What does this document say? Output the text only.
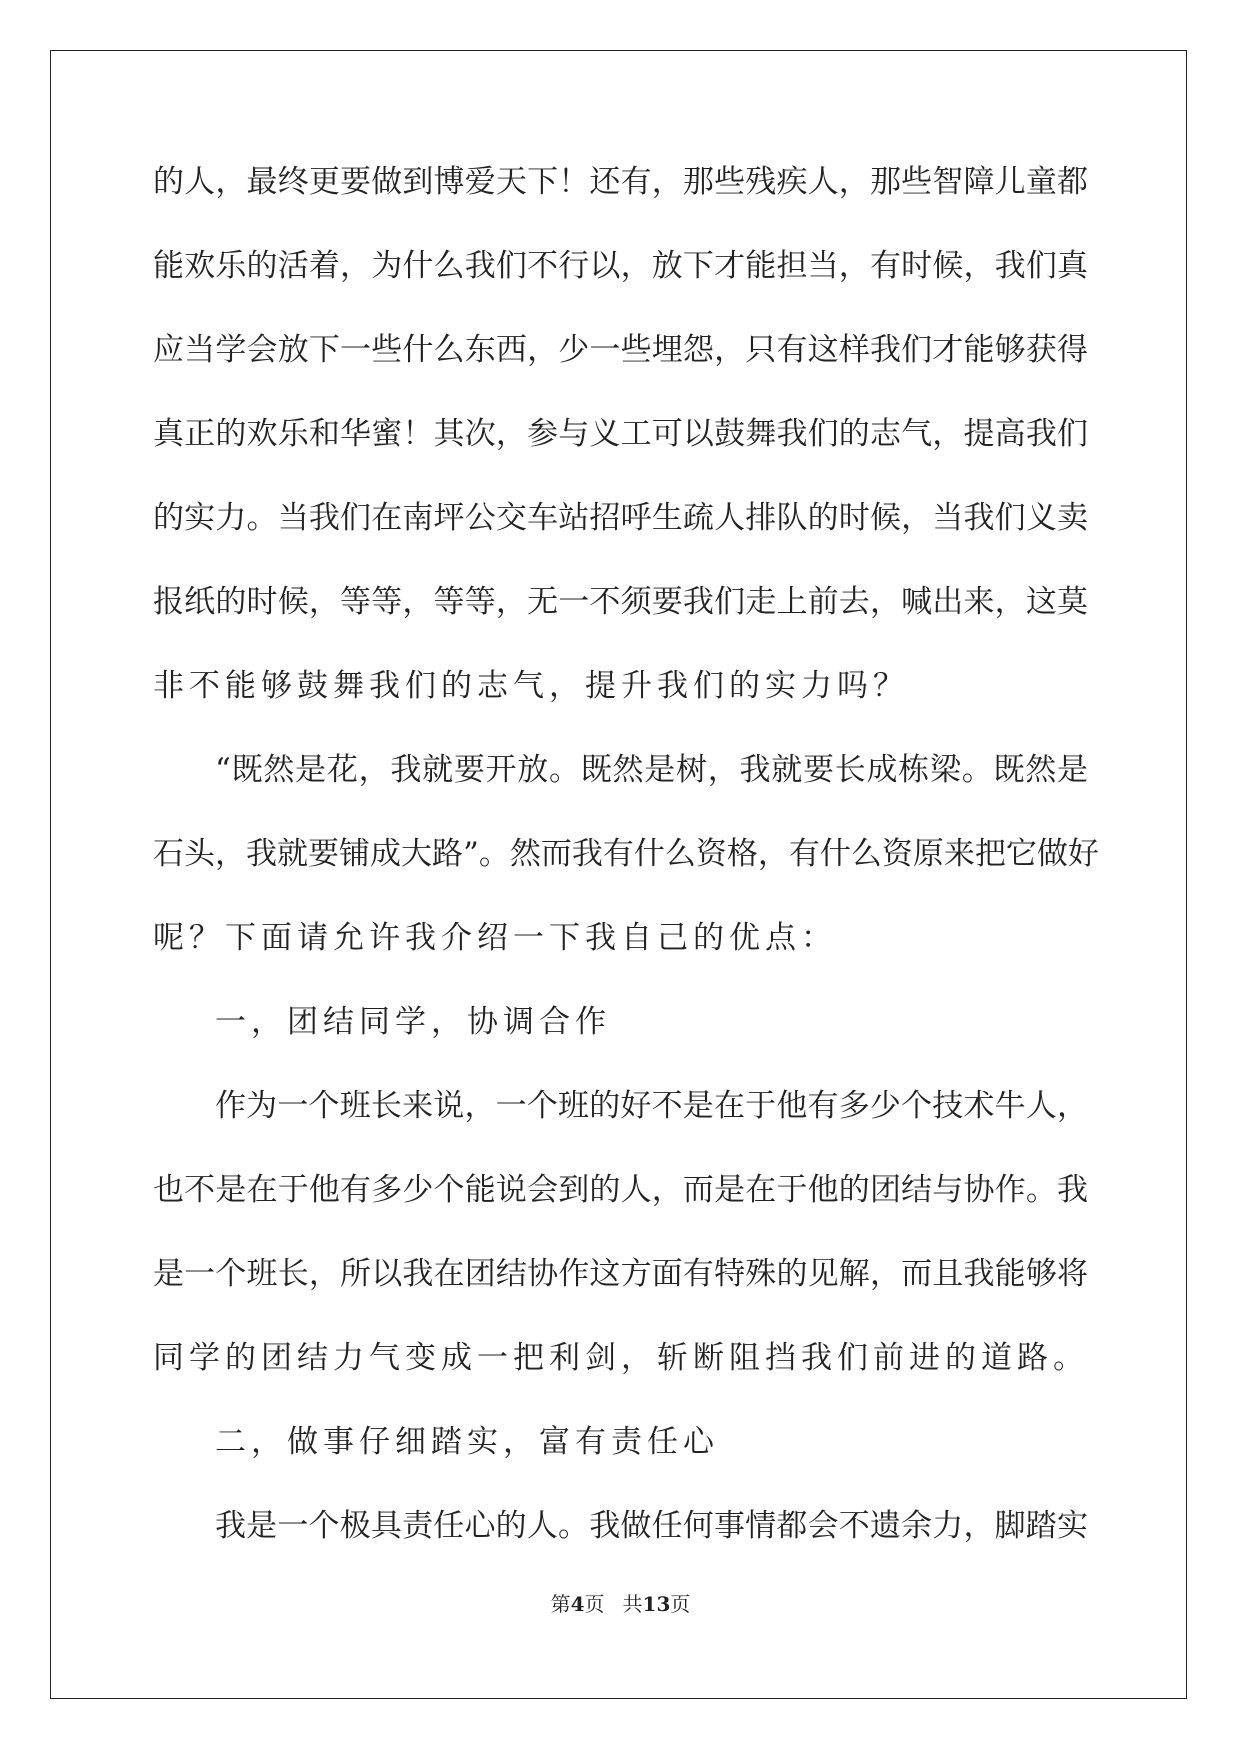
的人，最终更要做到博爱天下！还有，那些残疾人，那些智障儿童都
能欢乐的活着，为什么我们不行以，放下才能担当，有时候，我们真
应当学会放下一些什么东西，少一些埋怨，只有这样我们才能够获得
真正的欢乐和华蜜！其次，参与义工可以鼓舞我们的志气，提高我们
的实力。当我们在南坪公交车站招呼生疏人排队的时候，当我们义卖
报纸的时候，等等，等等，无一不须要我们走上前去，喊出来，这莫
非不能够鼓舞我们的志气，提升我们的实力吗？
“既然是花，我就要开放。既然是树，我就要长成栋梁。既然是
石头，我就要铺成大路”。然而我有什么资格，有什么资原来把它做好
呢？下面请允许我介绍一下我自己的优点：
一，团结同学，协调合作
作为一个班长来说，一个班的好不是在于他有多少个技术牛人，
也不是在于他有多少个能说会到的人，而是在于他的团结与协作。我
是一个班长，所以我在团结协作这方面有特殊的见解，而且我能够将
同学的团结力气变成一把利剑，斩断阻挡我们前进的道路。
二，做事仔细踏实，富有责任心
我是一个极具责任心的人。我做任何事情都会不遗余力，脚踏实
第4页 共13页
